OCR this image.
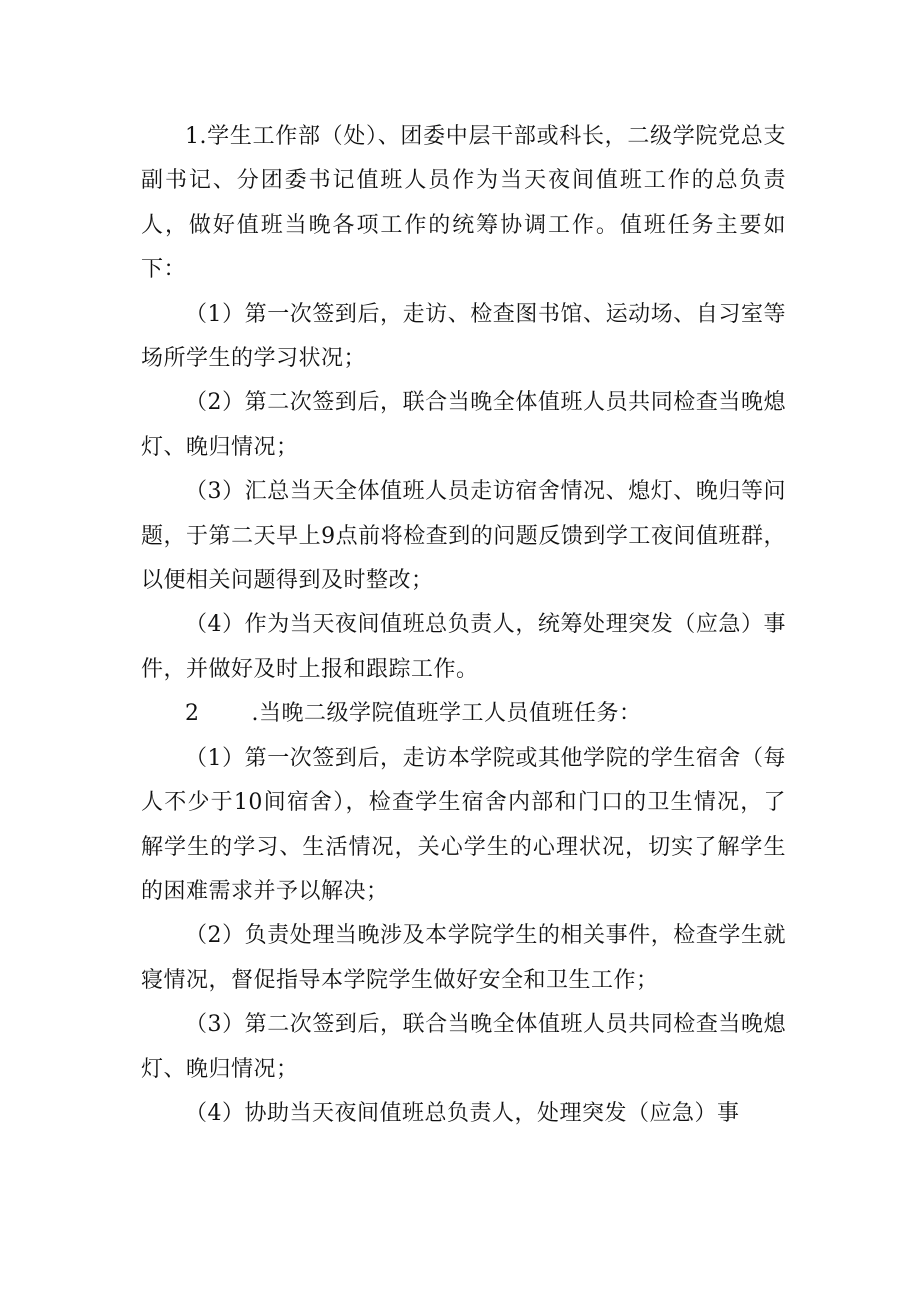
1.学生工作部（处）、团委中层干部或科长，二级学院党总支副书记、分团委书记值班人员作为当天夜间值班工作的总负责人，做好值班当晚各项工作的统筹协调工作。值班任务主要如下：

（1）第一次签到后，走访、检查图书馆、运动场、自习室等场所学生的学习状况；

（2）第二次签到后，联合当晚全体值班人员共同检查当晚熄灯、晚归情况；

（3）汇总当天全体值班人员走访宿舍情况、熄灯、晚归等问题，于第二天早上9点前将检查到的问题反馈到学工夜间值班群，以便相关问题得到及时整改；

（4）作为当天夜间值班总负责人，统筹处理突发（应急）事件，并做好及时上报和跟踪工作。

2 .当晚二级学院值班学工人员值班任务：

（1）第一次签到后，走访本学院或其他学院的学生宿舍（每人不少于10间宿舍），检查学生宿舍内部和门口的卫生情况，了解学生的学习、生活情况，关心学生的心理状况，切实了解学生的困难需求并予以解决；

（2）负责处理当晚涉及本学院学生的相关事件，检查学生就寝情况，督促指导本学院学生做好安全和卫生工作；

（3）第二次签到后，联合当晚全体值班人员共同检查当晚熄灯、晚归情况；

（4）协助当天夜间值班总负责人，处理突发（应急）事
